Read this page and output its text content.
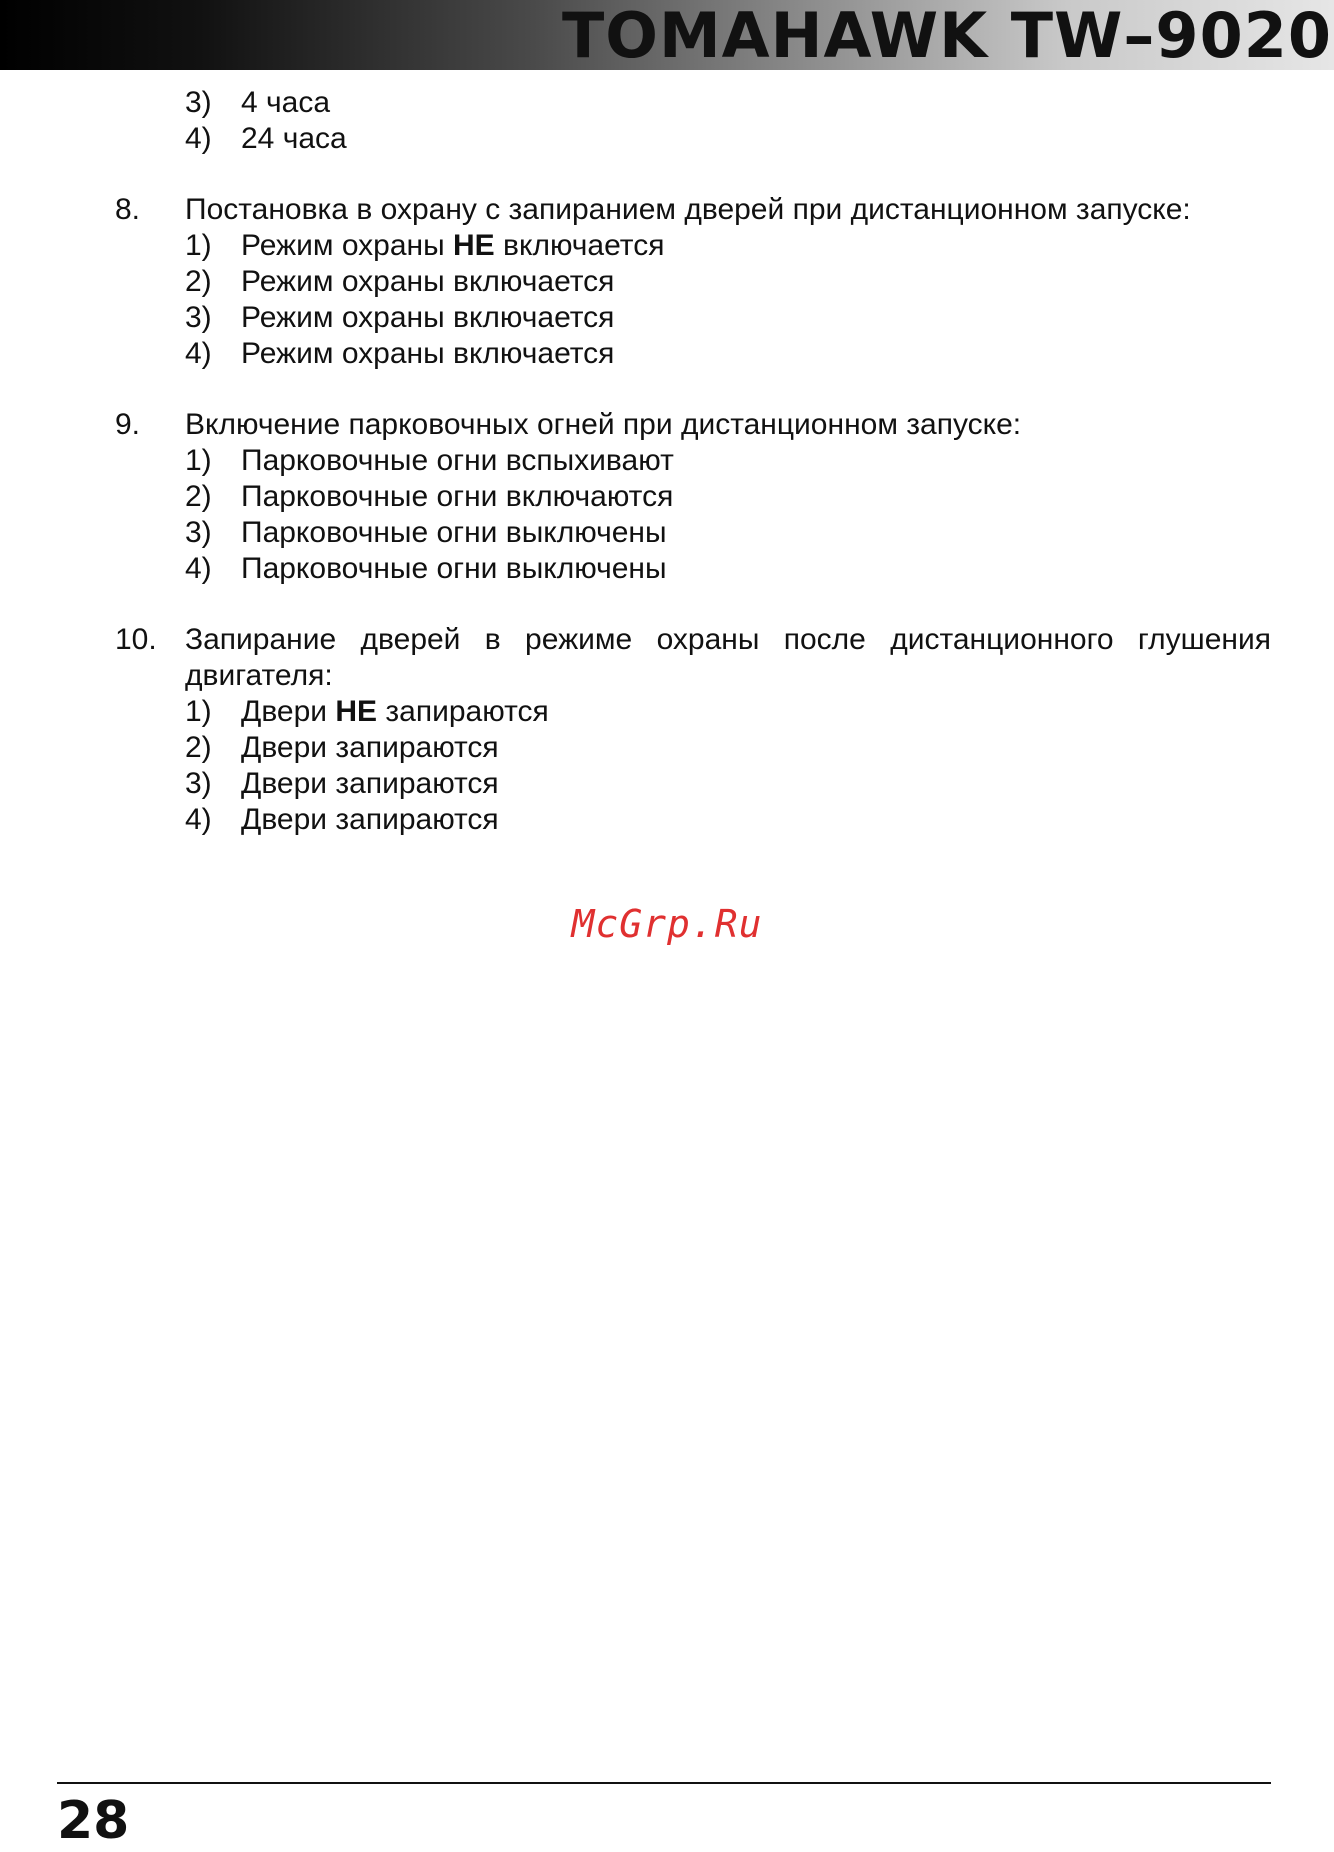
TOMAHAWK TW–9020
3) 4 часа
4) 24 часа
8. Постановка в охрану с запиранием дверей при дистанционном запуске:
1) Режим охраны НЕ включается
2) Режим охраны включается
3) Режим охраны включается
4) Режим охраны включается
9. Включение парковочных огней при дистанционном запуске:
1) Парковочные огни вспыхивают
2) Парковочные огни включаются
3) Парковочные огни выключены
4) Парковочные огни выключены
10. Запирание дверей в режиме охраны после дистанционного глушения
двигателя:
1) Двери НЕ запираются
2) Двери запираются
3) Двери запираются
4) Двери запираются
McGrp.Ru
28
